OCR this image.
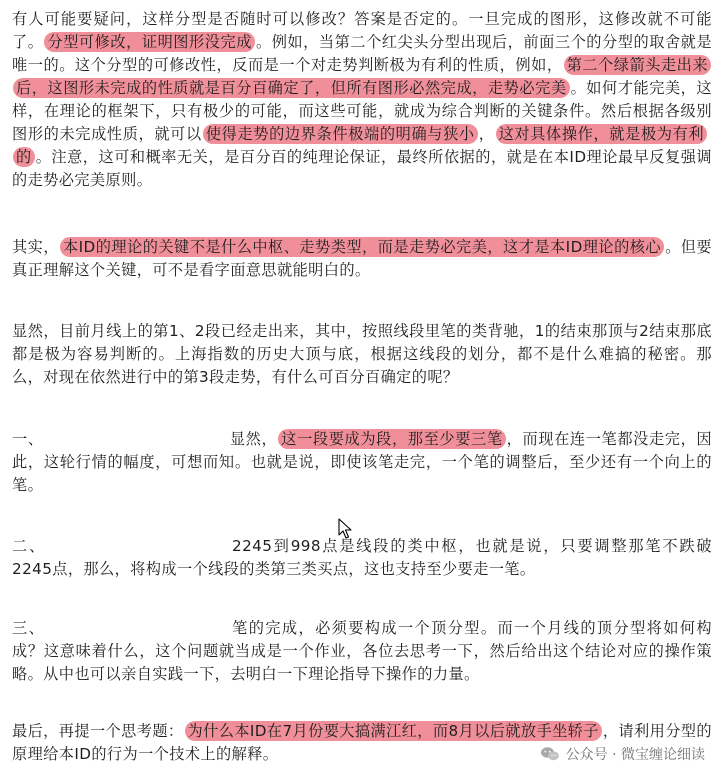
有人可能要疑问，这样分型是否随时可以修改？答案是否定的。一旦完成的图形，这修改就不可能了。 分型可修改，证明图形没完成 。例如，当第二个红尖头分型出现后，前面三个的分型的取舍就是唯一的。这个分型的可修改性，反而是一个对走势判断极为有利的性质，例如， 第二个绿箭头走出来后，这图形未完成的性质就是百分百确定了，但所有图形必然完成，走势必完美 。如何才能完美，这样，在理论的框架下，只有极少的可能，而这些可能，就成为综合判断的关键条件。然后根据各级别图形的未完成性质，就可以 使得走势的边界条件极端的明确与狭小 ， 这对具体操作，就是极为有利的 。注意，这可和概率无关，是百分百的纯理论保证，最终所依据的，就是在本ID理论最早反复强调的走势必完美原则。

其实， 本ID的理论的关键不是什么中枢、走势类型，而是走势必完美，这才是本ID理论的核心 。但要真正理解这个关键，可不是看字面意思就能明白的。

显然，目前月线上的第1、2段已经走出来，其中，按照线段里笔的类背驰，1的结束那顶与2结束那底都是极为容易判断的。上海指数的历史大顶与底，根据这线段的划分，都不是什么难搞的秘密。那么，对现在依然进行中的第3段走势，有什么可百分百确定的呢？

一、	显然， 这一段要成为段，那至少要三笔 ，而现在连一笔都没走完，因此，这轮行情的幅度，可想而知。也就是说，即使该笔走完，一个笔的调整后，至少还有一个向上的笔。

二、	2245到998点是线段的类中枢，也就是说，只要调整那笔不跌破2245点，那么，将构成一个线段的类第三类买点，这也支持至少要走一笔。

三、	笔的完成，必须要构成一个顶分型。而一个月线的顶分型将如何构成？这意味着什么，这个问题就当成是一个作业，各位去思考一下，然后给出这个结论对应的操作策略。从中也可以亲自实践一下，去明白一下理论指导下操作的力量。

最后，再提一个思考题： 为什么本ID在7月份要大搞满江红，而8月以后就放手坐轿子 ，请利用分型的原理给本ID的行为一个技术上的解释。	公众号 · 微宝缠论细读
